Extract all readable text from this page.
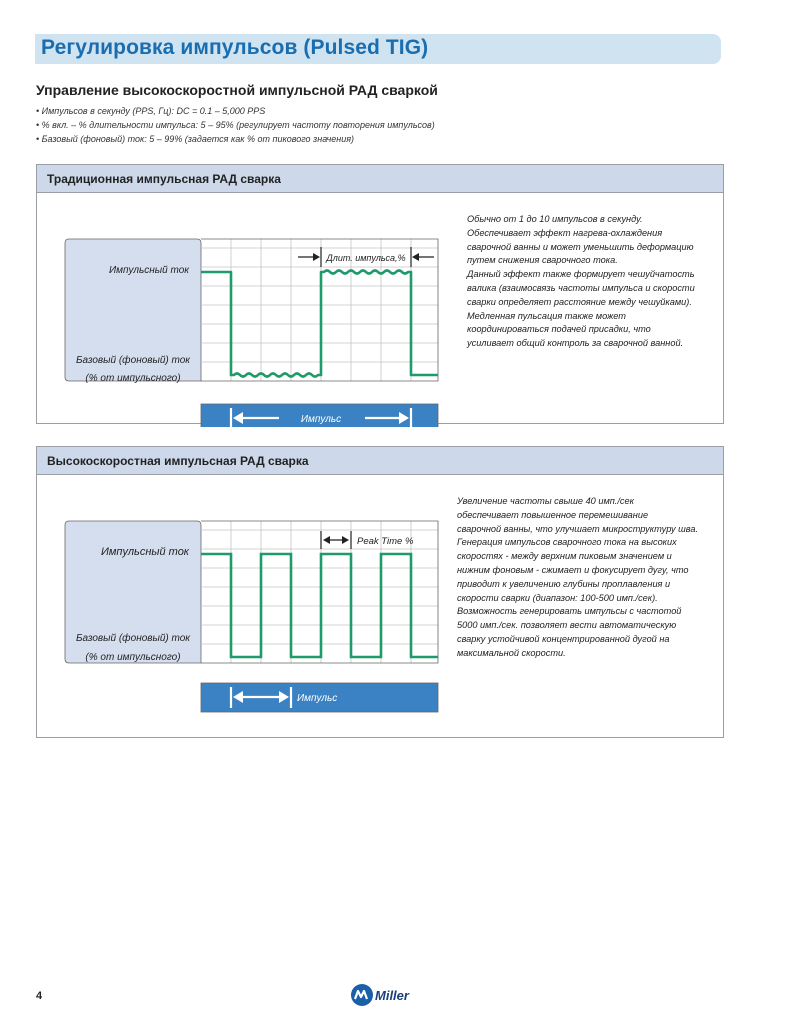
Регулировка импульсов (Pulsed TIG)
Управление высокоскоростной импульсной РАД сваркой
• Импульсов в секунду (PPS, Гц): DC = 0.1 – 5,000 PPS
• % вкл. – % длительности импульса: 5 – 95% (регулирует частоту повторения импульсов)
• Базовый (фоновый) ток: 5 – 99% (задается как % от пикового значения)
Традиционная импульсная РАД сварка
Длит. импульса,%
Импульсный ток
Базовый (фоновый) ток
(% от импульсного)
Импульс

Обычно от 1 до 10 импульсов в секунду.

Обеспечивает эффект нагрева-охлаждения

сварочной ванны и может уменьшить деформацию

путем снижения сварочного тока.

Данный эффект также формирует чешуйчатость

валика (взаимосвязь частоты импульса и скорости

сварки определяет расстояние между чешуйками).

Медленная пульсация также может

координироваться подачей присадки, что

усиливает общий контроль за сварочной ванной.

Высокоскоростная импульсная РАД сварка
Peak Time %
Импульсный ток
Базовый (фоновый) ток
(% от импульсного)
Импульс

Увеличение частоты свыше 40 имп./сек

обеспечивает повышенное перемешивание

сварочной ванны, что улучшает микроструктуру шва.

Генерация импульсов сварочного тока на высоких

скоростях - между верхним пиковым значением и

нижним фоновым - сжимает и фокусирует дугу, что

приводит к увеличению глубины проплавления и

скорости сварки (диапазон: 100-500 имп./сек).

Возможность генерировать импульсы с частотой

5000 имп./сек. позволяет вести автоматическую

сварку устойчивой концентрированной дугой на

максимальной скорости.

4	Miller
